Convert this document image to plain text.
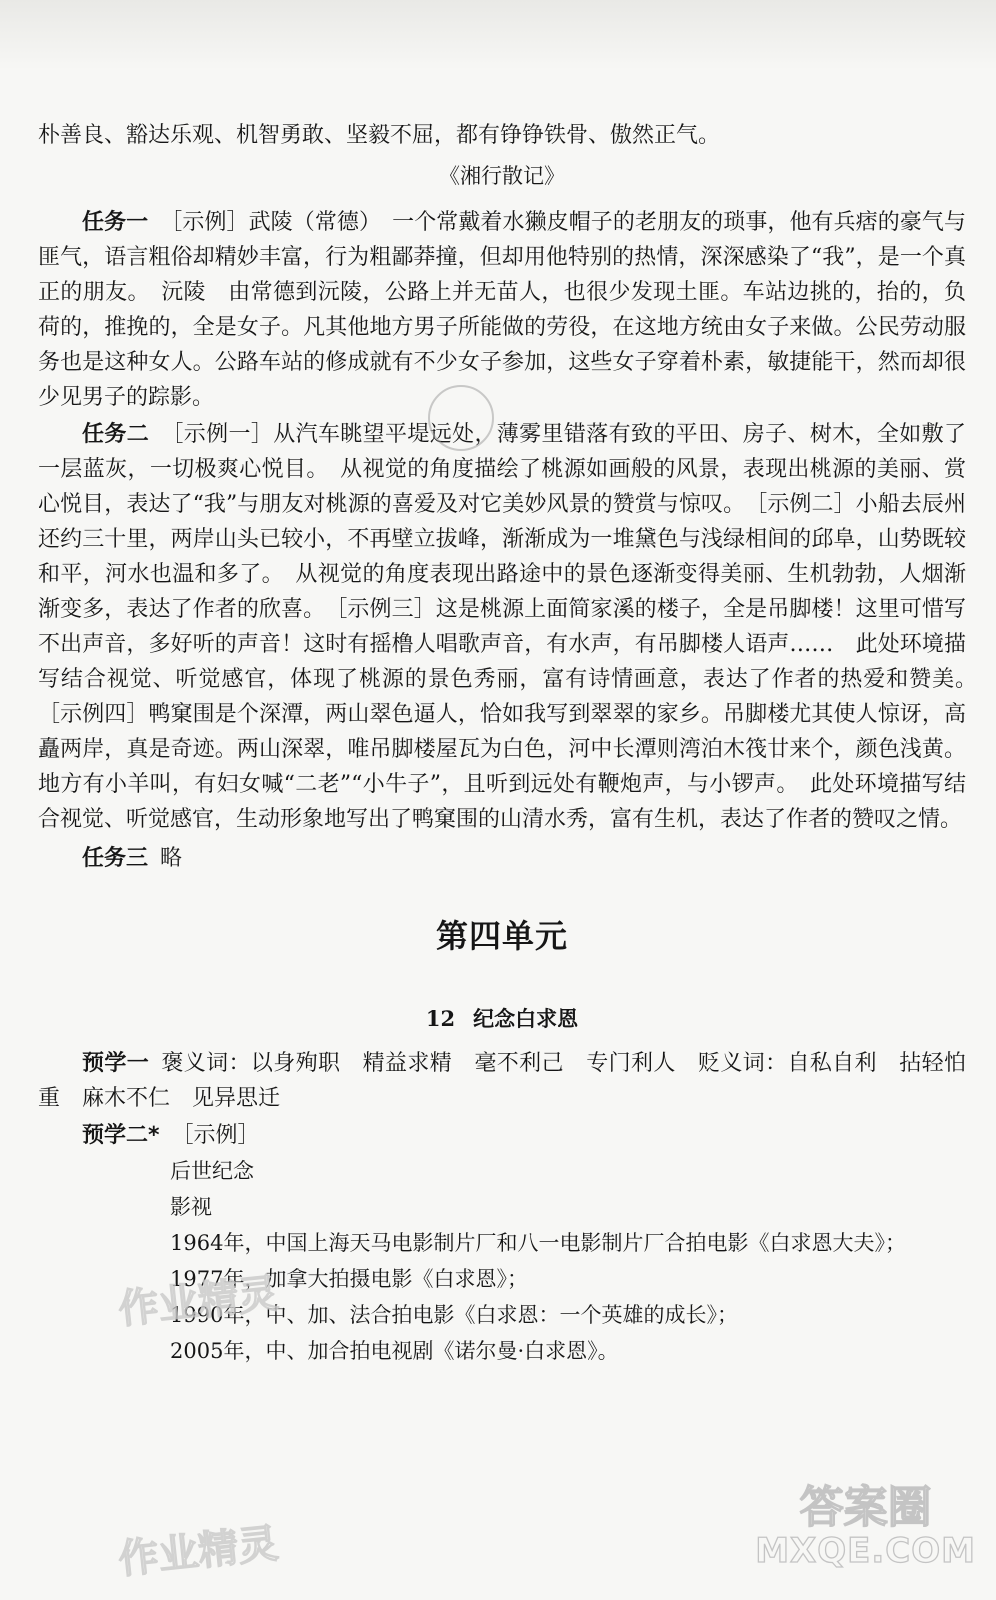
朴善良、豁达乐观、机智勇敢、坚毅不屈，都有铮铮铁骨、傲然正气。

《湘行散记》

任务一 ［示例］武陵（常德）　一个常戴着水獭皮帽子的老朋友的琐事，他有兵痞的豪气与匪气，语言粗俗却精妙丰富，行为粗鄙莽撞，但却用他特别的热情，深深感染了“我”，是一个真正的朋友。　沅陵　由常德到沅陵，公路上并无苗人，也很少发现土匪。车站边挑的，抬的，负荷的，推挽的，全是女子。凡其他地方男子所能做的劳役，在这地方统由女子来做。公民劳动服务也是这种女人。公路车站的修成就有不少女子参加，这些女子穿着朴素，敏捷能干，然而却很少见男子的踪影。

任务二 ［示例一］从汽车眺望平堤远处，薄雾里错落有致的平田、房子、树木，全如敷了一层蓝灰，一切极爽心悦目。　从视觉的角度描绘了桃源如画般的风景，表现出桃源的美丽、赏心悦目，表达了“我”与朋友对桃源的喜爱及对它美妙风景的赞赏与惊叹。　［示例二］小船去辰州还约三十里，两岸山头已较小，不再壁立拔峰，渐渐成为一堆黛色与浅绿相间的邱阜，山势既较和平，河水也温和多了。　从视觉的角度表现出路途中的景色逐渐变得美丽、生机勃勃，人烟渐渐变多，表达了作者的欣喜。　［示例三］这是桃源上面简家溪的楼子，全是吊脚楼！这里可惜写不出声音，多好听的声音！这时有摇橹人唱歌声音，有水声，有吊脚楼人语声……　此处环境描写结合视觉、听觉感官，体现了桃源的景色秀丽，富有诗情画意，表达了作者的热爱和赞美。　［示例四］鸭窠围是个深潭，两山翠色逼人，恰如我写到翠翠的家乡。吊脚楼尤其使人惊讶，高矗两岸，真是奇迹。两山深翠，唯吊脚楼屋瓦为白色，河中长潭则湾泊木筏廿来个，颜色浅黄。地方有小羊叫，有妇女喊“二老”“小牛子”，且听到远处有鞭炮声，与小锣声。　此处环境描写结合视觉、听觉感官，生动形象地写出了鸭窠围的山清水秀，富有生机，表达了作者的赞叹之情。

任务三 略

第四单元
12 纪念白求恩

预学一 褒义词：以身殉职　精益求精　毫不利己　专门利人　贬义词：自私自利　拈轻怕重　麻木不仁　见异思迁

预学二* ［示例］

后世纪念
影视
1964年，中国上海天马电影制片厂和八一电影制片厂合拍电影《白求恩大夫》；
1977年，加拿大拍摄电影《白求恩》；
1990年，中、加、法合拍电影《白求恩：一个英雄的成长》；
2005年，中、加合拍电视剧《诺尔曼·白求恩》。
作业精灵
作业精灵
答案圈
MXQE.COM
